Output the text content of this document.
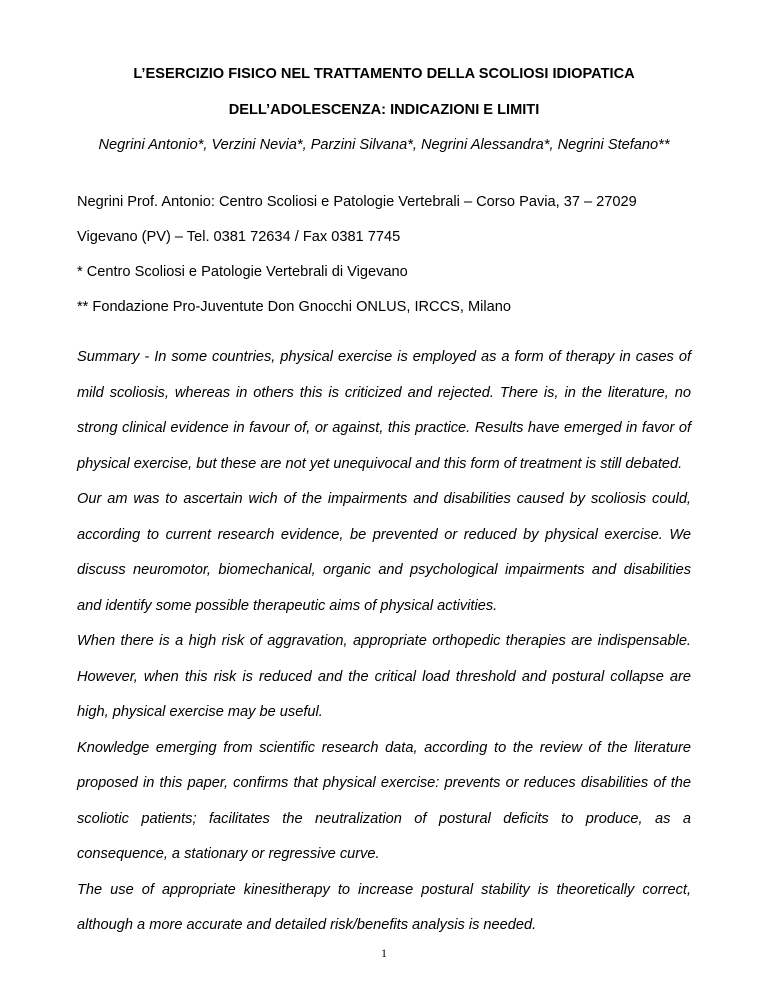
L’ESERCIZIO FISICO NEL TRATTAMENTO DELLA SCOLIOSI IDIOPATICA
DELL’ADOLESCENZA: INDICAZIONI E LIMITI
Negrini Antonio*, Verzini Nevia*, Parzini Silvana*, Negrini Alessandra*, Negrini Stefano**
Negrini Prof. Antonio: Centro Scoliosi e Patologie Vertebrali – Corso Pavia, 37 – 27029
Vigevano (PV) – Tel. 0381 72634 / Fax 0381 7745
* Centro Scoliosi e Patologie Vertebrali di Vigevano
** Fondazione Pro-Juventute Don Gnocchi ONLUS, IRCCS, Milano

Summary - In some countries, physical exercise is employed as a form of therapy in cases of mild scoliosis, whereas in others this is criticized and rejected. There is, in the literature, no strong clinical evidence in favour of, or against, this practice. Results have emerged in favor of physical exercise, but these are not yet unequivocal and this form of treatment is still debated.

Our am was to ascertain wich of the impairments and disabilities caused by scoliosis could, according to current research evidence, be prevented or reduced by physical exercise. We discuss neuromotor, biomechanical, organic and psychological impairments and disabilities and identify some possible therapeutic aims of physical activities.

When there is a high risk of aggravation, appropriate orthopedic therapies are indispensable. However, when this risk is reduced and the critical load threshold and postural collapse are high, physical exercise may be useful.

Knowledge emerging from scientific research data, according to the review of the literature proposed in this paper, confirms that physical exercise: prevents or reduces disabilities of the scoliotic patients; facilitates the neutralization of postural deficits to produce, as a consequence, a stationary or regressive curve.

The use of appropriate kinesitherapy to increase postural stability is theoretically correct, although a more accurate and detailed risk/benefits analysis is needed.

1
